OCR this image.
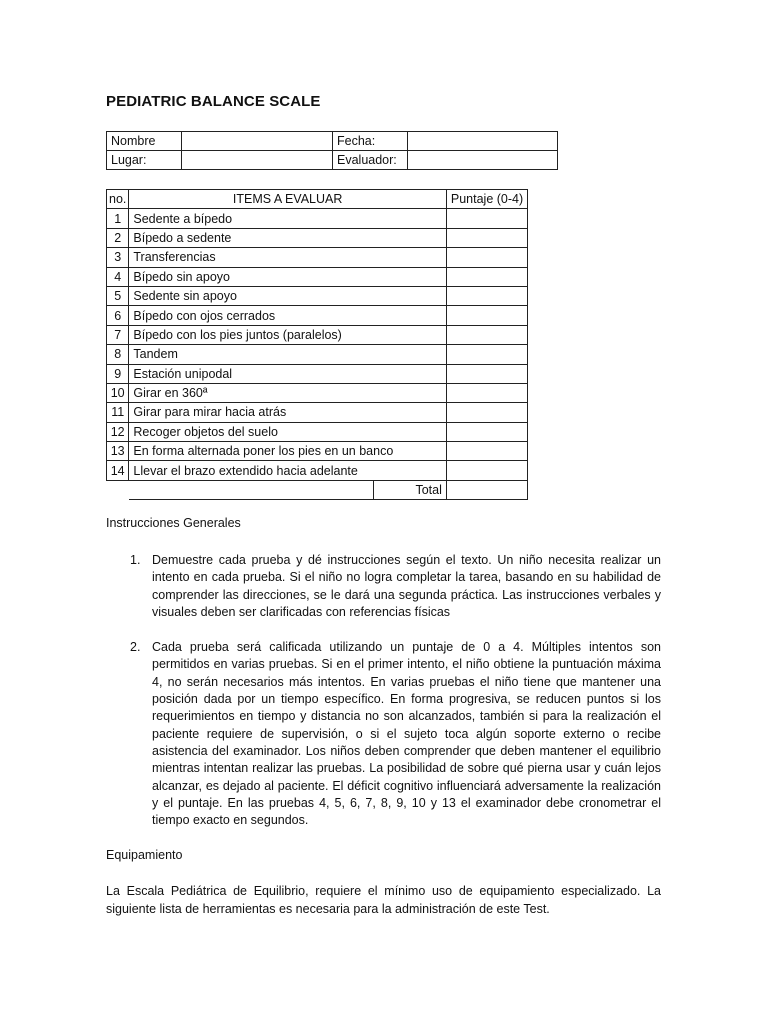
PEDIATRIC BALANCE SCALE
Nombre		Fecha:	
Lugar:		Evaluador:	
no.	ITEMS A EVALUAR	Puntaje (0-4)
1	Sedente a bípedo	
2	Bípedo a sedente	
3	Transferencias	
4	Bípedo sin apoyo	
5	Sedente sin apoyo	
6	Bípedo con ojos cerrados	
7	Bípedo con los pies juntos (paralelos)	
8	Tandem	
9	Estación unipodal	
10	Girar en 360ª	
11	Girar para mirar hacia atrás	
12	Recoger objetos del suelo	
13	En forma alternada poner los pies en un banco	
14	Llevar el brazo extendido hacia adelante	
	Total	
Instrucciones Generales
1. Demuestre cada prueba y dé instrucciones según el texto. Un niño necesita realizar un intento en cada prueba. Si el niño no logra completar la tarea, basando en su habilidad de comprender las direcciones, se le dará una segunda práctica. Las instrucciones verbales y visuales deben ser clarificadas con referencias físicas
2. Cada prueba será calificada utilizando un puntaje de 0 a 4. Múltiples intentos son permitidos en varias pruebas. Si en el primer intento, el niño obtiene la puntuación máxima 4, no serán necesarios más intentos. En varias pruebas el niño tiene que mantener una posición dada por un tiempo específico. En forma progresiva, se reducen puntos si los requerimientos en tiempo y distancia no son alcanzados, también si para la realización el paciente requiere de supervisión, o si el sujeto toca algún soporte externo o recibe asistencia del examinador. Los niños deben comprender que deben mantener el equilibrio mientras intentan realizar las pruebas. La posibilidad de sobre qué pierna usar y cuán lejos alcanzar, es dejado al paciente. El déficit cognitivo influenciará adversamente la realización y el puntaje. En las pruebas 4, 5, 6, 7, 8, 9, 10 y 13 el examinador debe cronometrar el tiempo exacto en segundos.
Equipamiento

La Escala Pediátrica de Equilibrio, requiere el mínimo uso de equipamiento especializado. La siguiente lista de herramientas es necesaria para la administración de este Test.
